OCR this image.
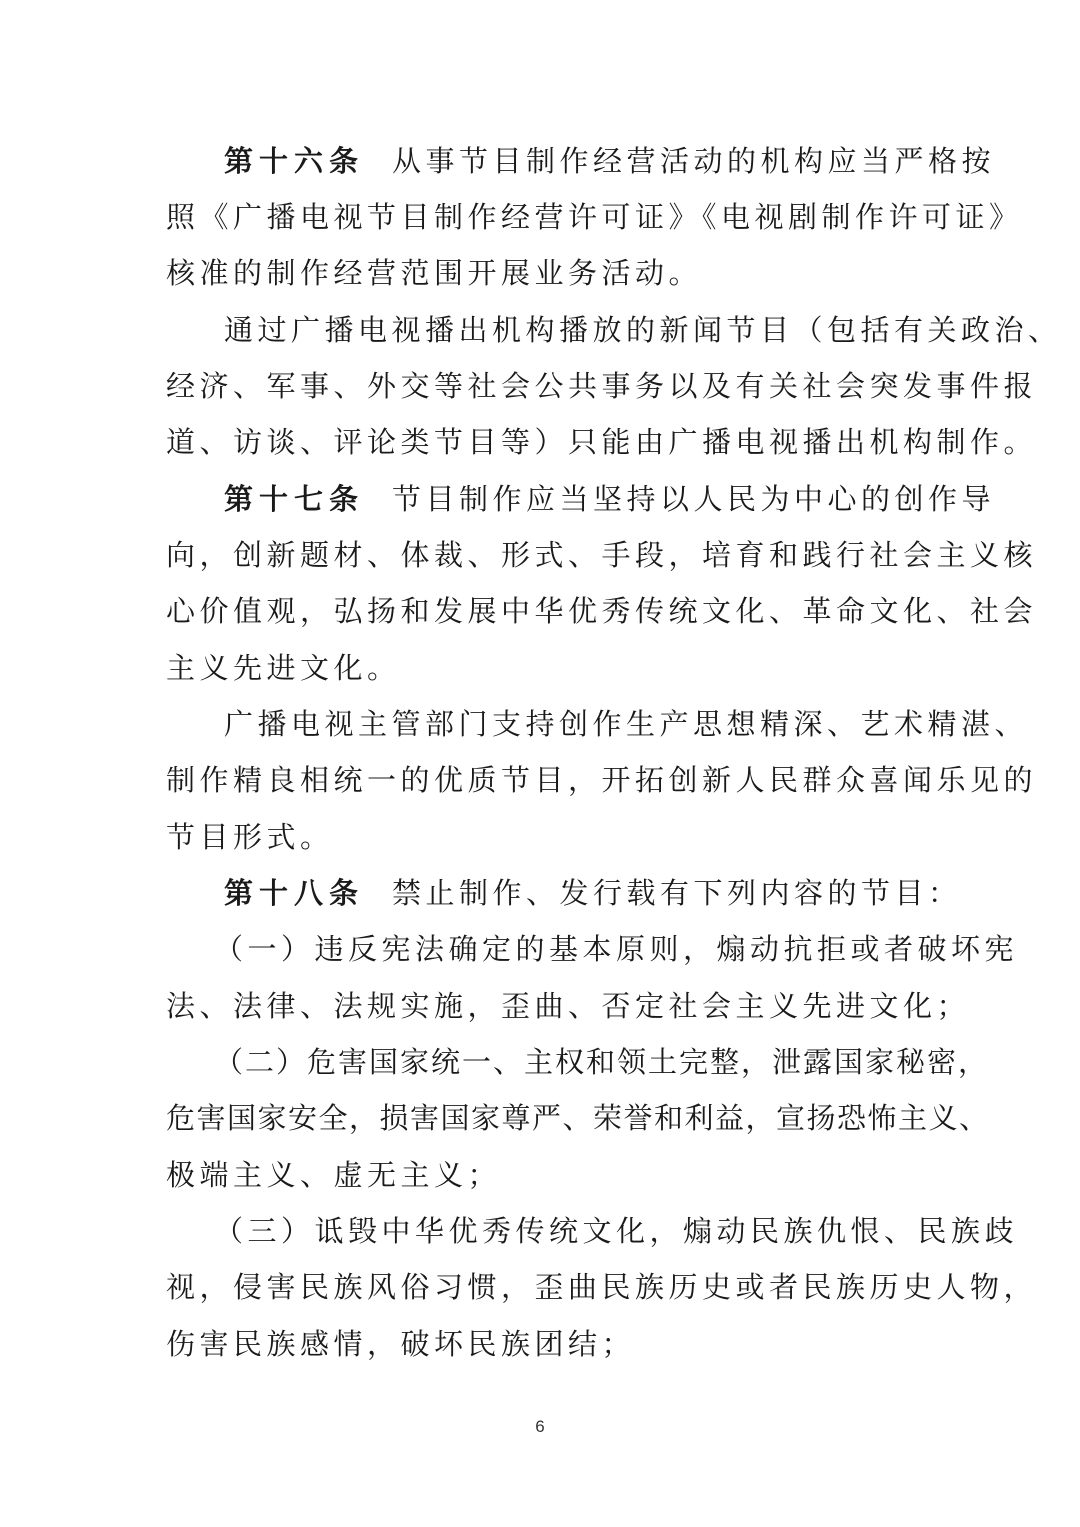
第十六条 从事节目制作经营活动的机构应当严格按
照《广播电视节目制作经营许可证》《电视剧制作许可证》
核准的制作经营范围开展业务活动。
通过广播电视播出机构播放的新闻节目（包括有关政治、
经济、军事、外交等社会公共事务以及有关社会突发事件报
道、访谈、评论类节目等）只能由广播电视播出机构制作。
第十七条 节目制作应当坚持以人民为中心的创作导
向，创新题材、体裁、形式、手段，培育和践行社会主义核
心价值观，弘扬和发展中华优秀传统文化、革命文化、社会
主义先进文化。
广播电视主管部门支持创作生产思想精深、艺术精湛、
制作精良相统一的优质节目，开拓创新人民群众喜闻乐见的
节目形式。
第十八条 禁止制作、发行载有下列内容的节目：
（一）违反宪法确定的基本原则，煽动抗拒或者破坏宪
法、法律、法规实施，歪曲、否定社会主义先进文化；
（二）危害国家统一、主权和领土完整，泄露国家秘密，
危害国家安全，损害国家尊严、荣誉和利益，宣扬恐怖主义、
极端主义、虚无主义；
（三）诋毁中华优秀传统文化，煽动民族仇恨、民族歧
视，侵害民族风俗习惯，歪曲民族历史或者民族历史人物，
伤害民族感情，破坏民族团结；
6
